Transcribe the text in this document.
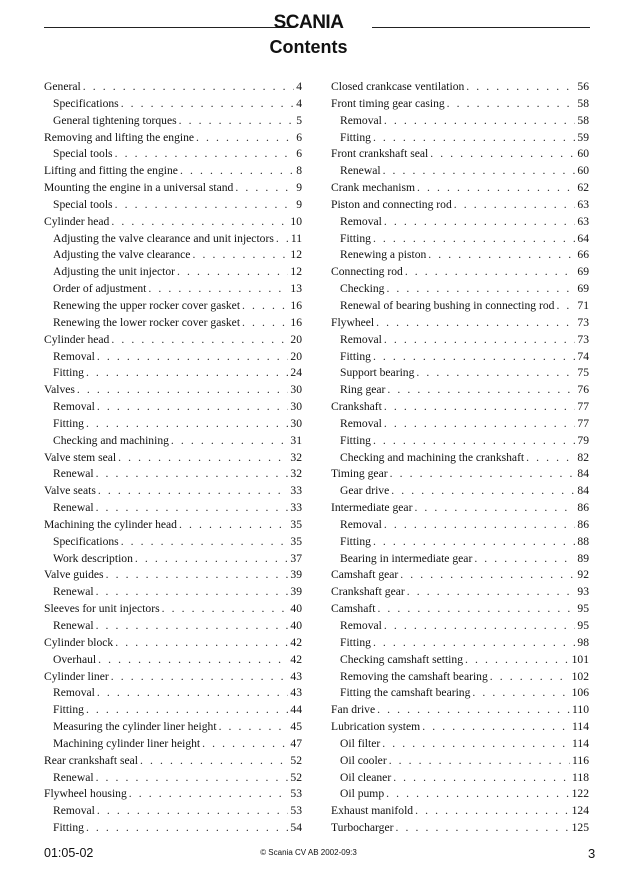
SCANIA
Contents
General . . .	4
Specifications . . .	4
General tightening torques . . .	5
Removing and lifting the engine . . .	6
Special tools . . .	6
Lifting and fitting the engine . . .	8
Mounting the engine in a universal stand . . .	9
Special tools . . .	9
Cylinder head . . .	10
Adjusting the valve clearance and unit injectors . . . 11
Adjusting the valve clearance . . .	12
Adjusting the unit injector . . .	12
Order of adjustment . . .	13
Renewing the upper rocker cover gasket . . .	16
Renewing the lower rocker cover gasket . . .	16
Cylinder head . . .	20
Removal . . .	20
Fitting . . .	24
Valves . . .	30
Removal . . .	30
Fitting . . .	30
Checking and machining . . .	31
Valve stem seal . . .	32
Renewal . . .	32
Valve seats . . .	33
Renewal . . .	33
Machining the cylinder head . . .	35
Specifications . . .	35
Work description . . .	37
Valve guides . . .	39
Renewal . . .	39
Sleeves for unit injectors . . .	40
Renewal . . .	40
Cylinder block . . .	42
Overhaul . . .	42
Cylinder liner . . .	43
Removal . . .	43
Fitting . . .	44
Measuring the cylinder liner height . . .	45
Machining cylinder liner height . . .	47
Rear crankshaft seal . . .	52
Renewal . . .	52
Flywheel housing . . .	53
Removal . . .	53
Fitting . . .	54
Closed crankcase ventilation . . .	56
Front timing gear casing . . .	58
Removal . . .	58
Fitting . . .	59
Front crankshaft seal . . .	60
Renewal . . .	60
Crank mechanism . . .	62
Piston and connecting rod . . .	63
Removal . . .	63
Fitting . . .	64
Renewing a piston . . .	66
Connecting rod . . .	69
Checking . . .	69
Renewal of bearing bushing in connecting rod . . . 71
Flywheel . . .	73
Removal . . .	73
Fitting . . .	74
Support bearing . . .	75
Ring gear . . .	76
Crankshaft . . .	77
Removal . . .	77
Fitting . . .	79
Checking and machining the crankshaft . . .	82
Timing gear . . .	84
Gear drive . . .	84
Intermediate gear . . .	86
Removal . . .	86
Fitting . . .	88
Bearing in intermediate gear . . .	89
Camshaft gear . . .	92
Crankshaft gear . . .	93
Camshaft . . .	95
Removal . . .	95
Fitting . . .	98
Checking camshaft setting . . .	101
Removing the camshaft bearing . . .	102
Fitting the camshaft bearing . . .	106
Fan drive . . .	110
Lubrication system . . .	114
Oil filter . . .	114
Oil cooler . . .	116
Oil cleaner . . .	118
Oil pump . . .	122
Exhaust manifold . . .	124
Turbocharger . . .	125
01:05-02	© Scania CV AB 2002-09:3	3
